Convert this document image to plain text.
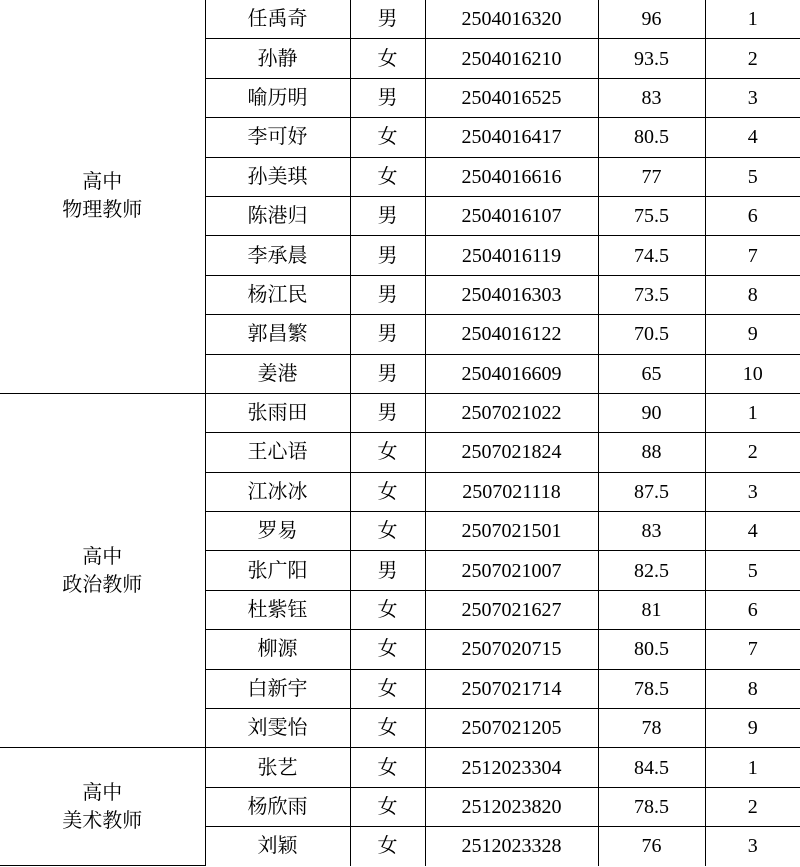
高中
物理教师	任禹奇	男	2504016320	96	1
	孙静	女	2504016210	93.5	2
	喻历明	男	2504016525	83	3
	李可妤	女	2504016417	80.5	4
	孙美琪	女	2504016616	77	5
	陈港归	男	2504016107	75.5	6
	李承晨	男	2504016119	74.5	7
	杨江民	男	2504016303	73.5	8
	郭昌繁	男	2504016122	70.5	9
	姜港	男	2504016609	65	10

高中
政治教师	张雨田	男	2507021022	90	1
	王心语	女	2507021824	88	2
	江冰冰	女	2507021118	87.5	3
	罗易	女	2507021501	83	4
	张广阳	男	2507021007	82.5	5
	杜紫钰	女	2507021627	81	6
	柳源	女	2507020715	80.5	7
	白新宇	女	2507021714	78.5	8
	刘雯怡	女	2507021205	78	9

高中
美术教师	张艺	女	2512023304	84.5	1
	杨欣雨	女	2512023820	78.5	2
	刘颖	女	2512023328	76	3
